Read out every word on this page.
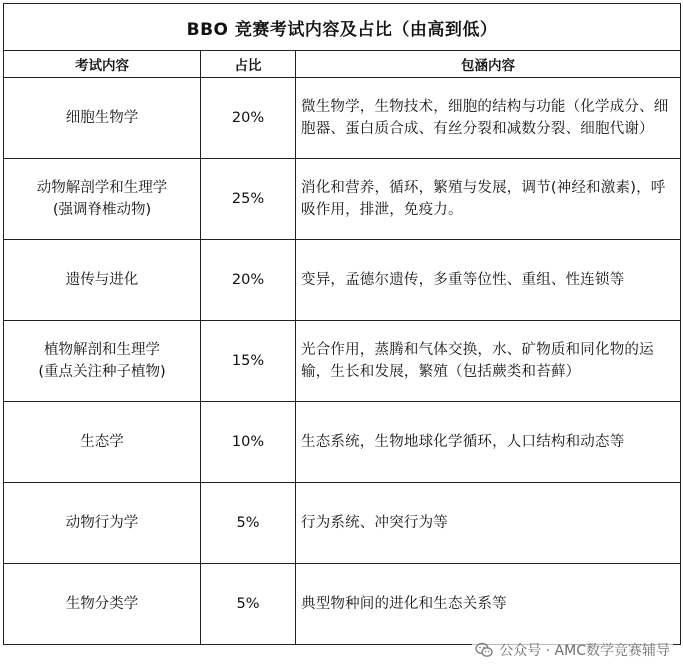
BBO 竞赛考试内容及占比（由高到低）		
考试内容	占比	包涵内容
细胞生物学	20%	微生物学，生物技术，细胞的结构与功能（化学成分、细胞器、蛋白质合成、有丝分裂和减数分裂、细胞代谢）

动物解剖学和生理学
(强调脊椎动物)	25%	消化和营养，循环，繁殖与发展，调节(神经和激素)，呼吸作用，排泄，免疫力。
遗传与进化	20%	变异，孟德尔遗传，多重等位性、重组、性连锁等

植物解剖和生理学
(重点关注种子植物)	15%	光合作用，蒸腾和气体交换，水、矿物质和同化物的运输，生长和发展，繁殖（包括蕨类和苔藓）
生态学	10%	生态系统，生物地球化学循环，人口结构和动态等
动物行为学	5%	行为系统、冲突行为等
生物分类学	5%	典型物种间的进化和生态关系等
公众号 · AMC数学竞赛辅导
